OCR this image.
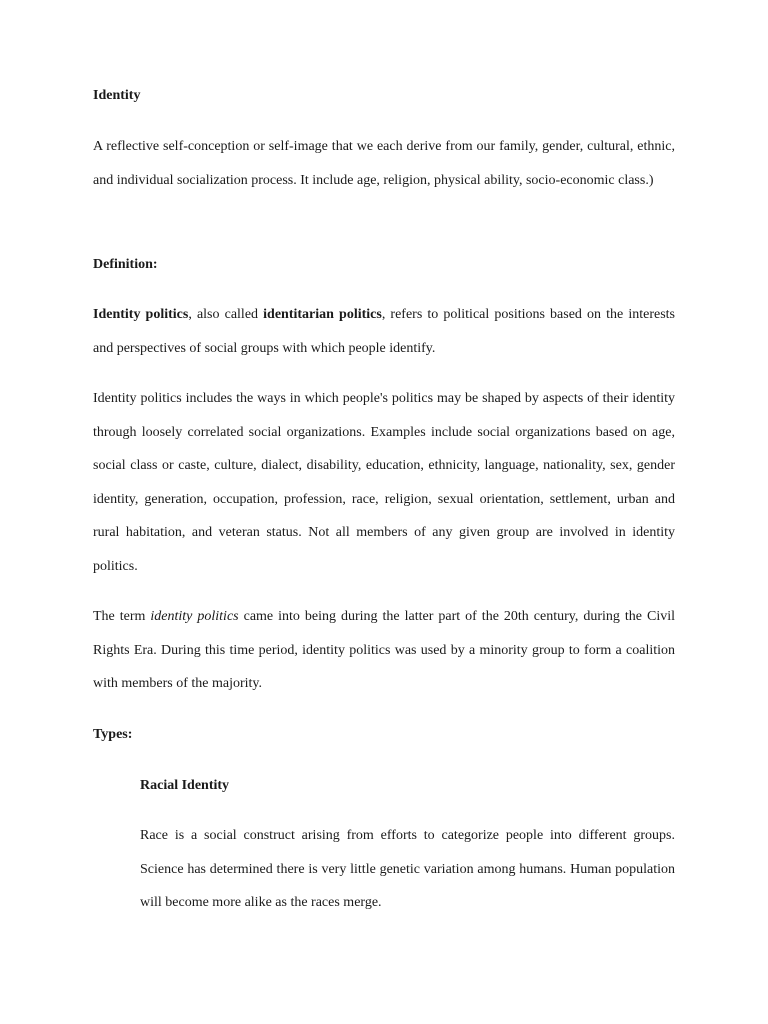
Identity

A reflective self-conception or self-image that we each derive from our family, gender, cultural, ethnic, and individual socialization process. It include age, religion, physical ability, socio-economic class.)

Definition:

Identity politics, also called identitarian politics, refers to political positions based on the interests and perspectives of social groups with which people identify.

Identity politics includes the ways in which people's politics may be shaped by aspects of their identity through loosely correlated social organizations. Examples include social organizations based on age, social class or caste, culture, dialect, disability, education, ethnicity, language, nationality, sex, gender identity, generation, occupation, profession, race, religion, sexual orientation, settlement, urban and rural habitation, and veteran status. Not all members of any given group are involved in identity politics.

The term identity politics came into being during the latter part of the 20th century, during the Civil Rights Era. During this time period, identity politics was used by a minority group to form a coalition with members of the majority.

Types:
Racial Identity

Race is a social construct arising from efforts to categorize people into different groups. Science has determined there is very little genetic variation among humans. Human population will become more alike as the races merge.
